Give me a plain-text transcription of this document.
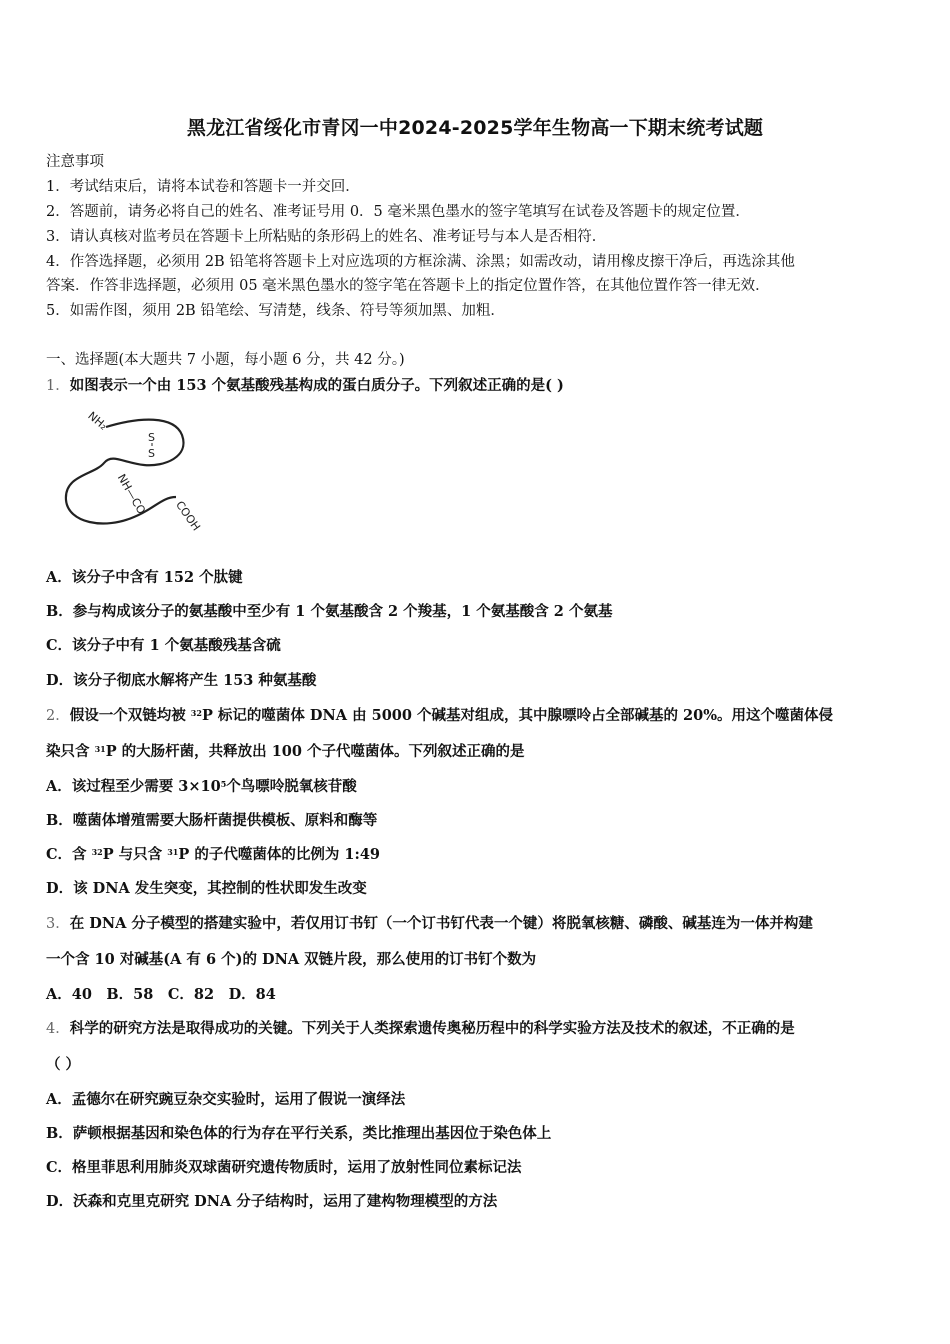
黑龙江省绥化市青冈一中2024-2025学年生物高一下期末统考试题
注意事项
1．考试结束后，请将本试卷和答题卡一并交回．
2．答题前，请务必将自己的姓名、准考证号用 0．5 毫米黑色墨水的签字笔填写在试卷及答题卡的规定位置．
3．请认真核对监考员在答题卡上所粘贴的条形码上的姓名、准考证号与本人是否相符．
4．作答选择题，必须用 2B 铅笔将答题卡上对应选项的方框涂满、涂黑；如需改动，请用橡皮擦干净后，再选涂其他
答案．作答非选择题，必须用 05 毫米黑色墨水的签字笔在答题卡上的指定位置作答，在其他位置作答一律无效．
5．如需作图，须用 2B 铅笔绘、写清楚，线条、符号等须加黑、加粗．
一、选择题(本大题共 7 小题，每小题 6 分，共 42 分。)
1．如图表示一个由 153 个氨基酸残基构成的蛋白质分子。下列叙述正确的是( )
NH₂
S
S
NH—CO COOH
A．该分子中含有 152 个肽键
B．参与构成该分子的氨基酸中至少有 1 个氨基酸含 2 个羧基，1 个氨基酸含 2 个氨基
C．该分子中有 1 个氨基酸残基含硫
D．该分子彻底水解将产生 153 种氨基酸
2．假设一个双链均被 $^{32}$P 标记的噬菌体 DNA 由 5000 个碱基对组成，其中腺嘌呤占全部碱基的 20%。用这个噬菌体侵
染只含 $^{31}$P 的大肠杆菌，共释放出 100 个子代噬菌体。下列叙述正确的是
A．该过程至少需要 $3\times 10^5$个鸟嘌呤脱氧核苷酸
B．噬菌体增殖需要大肠杆菌提供模板、原料和酶等
C．含 $^{32}$P 与只含 $^{31}$P 的子代噬菌体的比例为 1:49
D．该 DNA 发生突变，其控制的性状即发生改变
3．在 DNA 分子模型的搭建实验中，若仅用订书钉（一个订书钉代表一个键）将脱氧核糖、磷酸、碱基连为一体并构建
一个含 10 对碱基(A 有 6 个)的 DNA 双链片段，那么使用的订书钉个数为
A．40　B．58　C．82　D．84
4．科学的研究方法是取得成功的关键。下列关于人类探索遗传奥秘历程中的科学实验方法及技术的叙述，不正确的是
（ ）
A．孟德尔在研究豌豆杂交实验时，运用了假说一演绎法
B．萨顿根据基因和染色体的行为存在平行关系，类比推理出基因位于染色体上
C．格里菲思利用肺炎双球菌研究遗传物质时，运用了放射性同位素标记法
D．沃森和克里克研究 DNA 分子结构时，运用了建构物理模型的方法
